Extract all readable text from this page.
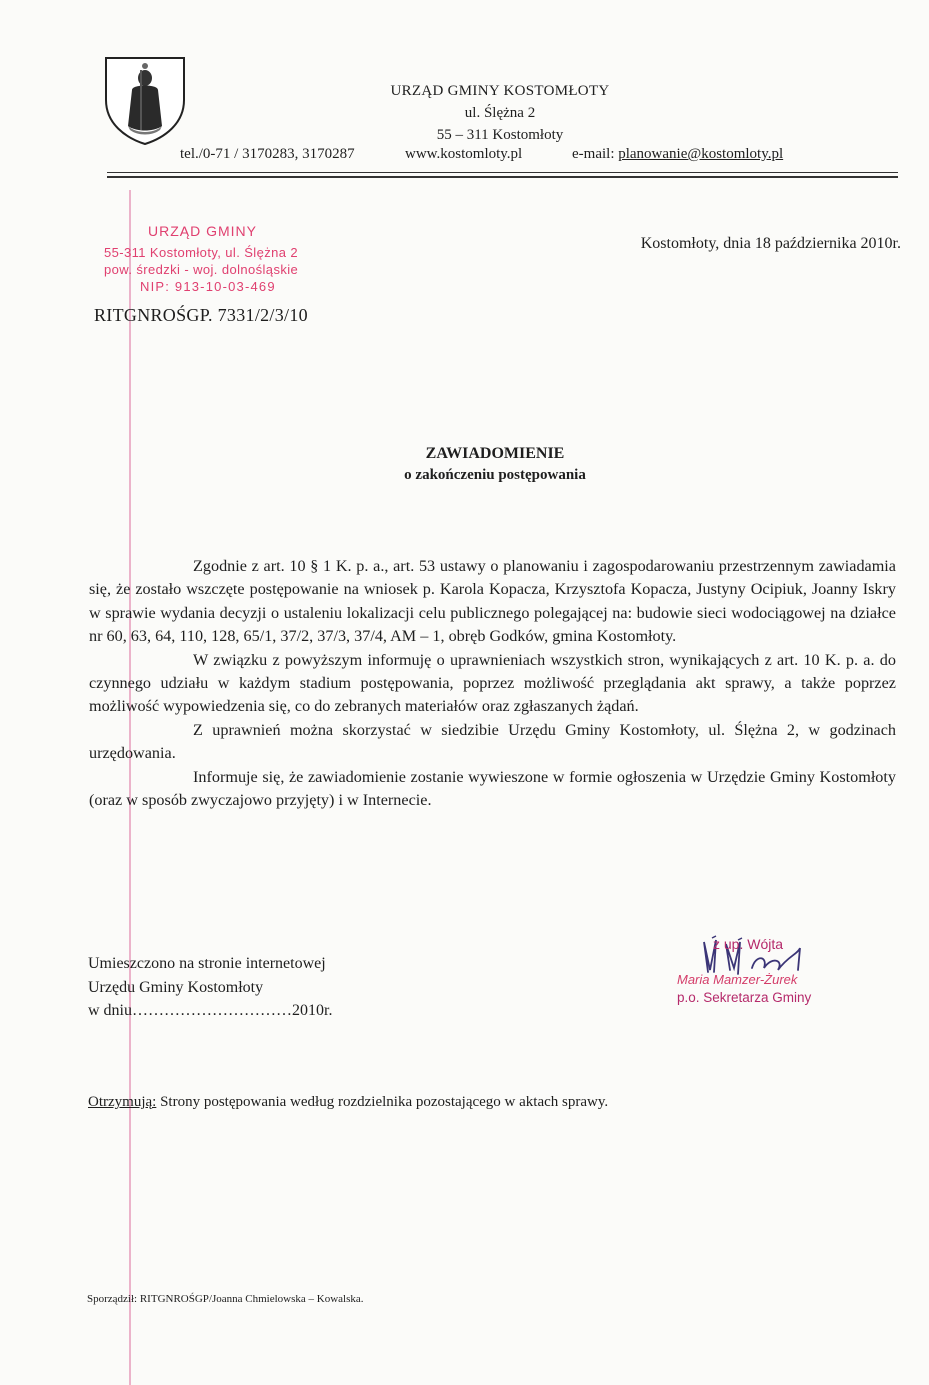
URZĄD GMINY KOSTOMŁOTY
ul. Ślężna 2
55 – 311 Kostomłoty
tel./0-71 / 3170283, 3170287	www.kostomloty.pl	e-mail: planowanie@kostomloty.pl
URZĄD GMINY
55-311 Kostomłoty, ul. Ślężna 2
pow. średzki - woj. dolnośląskie
NIP: 913-10-03-469
Kostomłoty, dnia 18 października 2010r.
RITGNROŚGP. 7331/2/3/10
ZAWIADOMIENIE
o zakończeniu postępowania

Zgodnie z art. 10 § 1 K. p. a., art. 53 ustawy o planowaniu i zagospodarowaniu przestrzennym zawiadamia się, że zostało wszczęte postępowanie na wniosek p. Karola Kopacza, Krzysztofa Kopacza, Justyny Ocipiuk, Joanny Iskry w sprawie wydania decyzji o ustaleniu lokalizacji celu publicznego polegającej na: budowie sieci wodociągowej na działce nr 60, 63, 64, 110, 128, 65/1, 37/2, 37/3, 37/4, AM – 1, obręb Godków, gmina Kostomłoty.

W związku z powyższym informuję o uprawnieniach wszystkich stron, wynikających z art. 10 K. p. a. do czynnego udziału w każdym stadium postępowania, poprzez możliwość przeglądania akt sprawy, a także poprzez możliwość wypowiedzenia się, co do zebranych materiałów oraz zgłaszanych żądań.

Z uprawnień można skorzystać w siedzibie Urzędu Gminy Kostomłoty, ul. Ślężna 2, w godzinach urzędowania.

Informuje się, że zawiadomienie zostanie wywieszone w formie ogłoszenia w Urzędzie Gminy Kostomłoty (oraz w sposób zwyczajowo przyjęty) i w Internecie.

Umieszczono na stronie internetowej
Urzędu Gminy Kostomłoty
w dniu…………………………2010r.
z up. Wójta
Maria Mamzer-Żurek
p.o. Sekretarza Gminy
Otrzymują: Strony postępowania według rozdzielnika pozostającego w aktach sprawy.
Sporządził: RITGNROŚGP/Joanna Chmielowska – Kowalska.
